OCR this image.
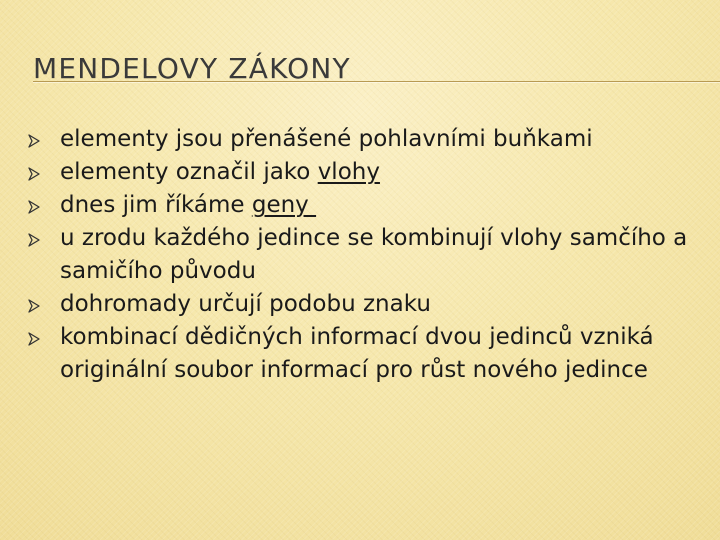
MENDELOVY ZÁKONY
elementy jsou přenášené pohlavními buňkami
elementy označil jako vlohy
dnes jim říkáme geny
u zrodu každého jedince se kombinují vlohy samčího a samičího původu
dohromady určují podobu znaku
kombinací dědičných informací dvou jedinců vzniká originální soubor informací pro růst nového jedince
